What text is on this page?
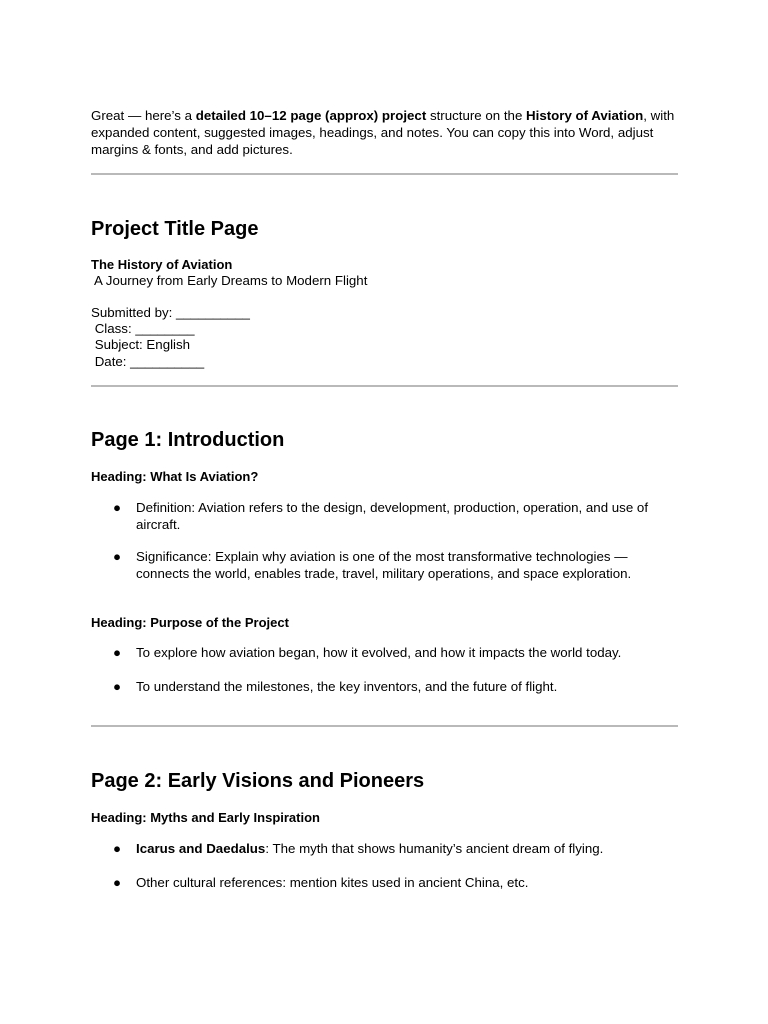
Great — here’s a detailed 10–12 page (approx) project structure on the History of Aviation, with expanded content, suggested images, headings, and notes. You can copy this into Word, adjust margins & fonts, and add pictures.
Project Title Page
The History of Aviation
A Journey from Early Dreams to Modern Flight
Submitted by: __________
Class: ________
Subject: English
Date: __________
Page 1: Introduction
Heading: What Is Aviation?
●	Definition: Aviation refers to the design, development, production, operation, and use of aircraft.
●	Significance: Explain why aviation is one of the most transformative technologies — connects the world, enables trade, travel, military operations, and space exploration.
Heading: Purpose of the Project
●	To explore how aviation began, how it evolved, and how it impacts the world today.
●	To understand the milestones, the key inventors, and the future of flight.
Page 2: Early Visions and Pioneers
Heading: Myths and Early Inspiration
●	Icarus and Daedalus: The myth that shows humanity’s ancient dream of flying.
●	Other cultural references: mention kites used in ancient China, etc.
